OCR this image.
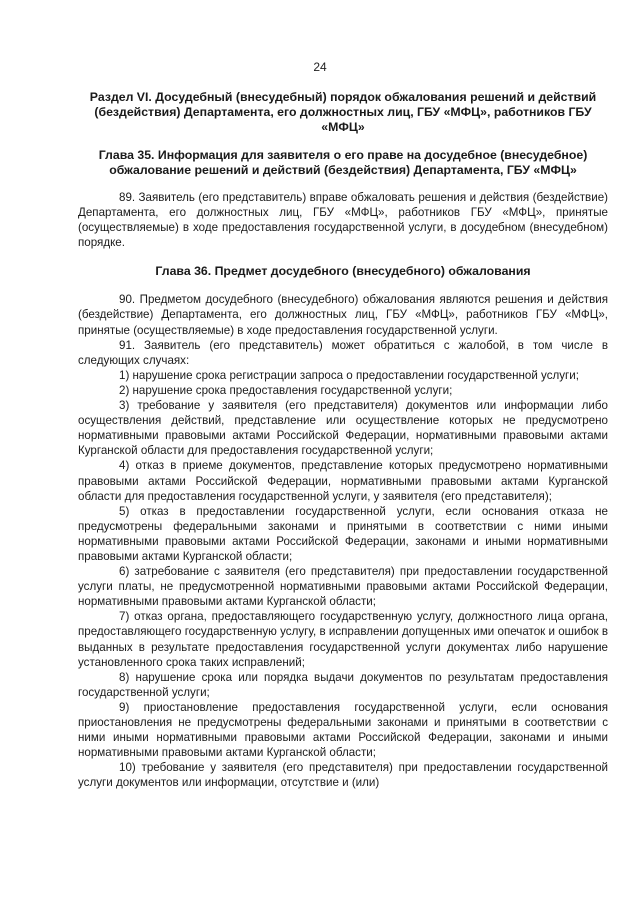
24

Раздел VI. Досудебный (внесудебный) порядок обжалования решений и действий (бездействия) Департамента, его должностных лиц, ГБУ «МФЦ», работников ГБУ «МФЦ»

Глава 35. Информация для заявителя о его праве на досудебное (внесудебное) обжалование решений и действий (бездействия) Департамента, ГБУ «МФЦ»

89. Заявитель (его представитель) вправе обжаловать решения и действия (бездействие) Департамента, его должностных лиц, ГБУ «МФЦ», работников ГБУ «МФЦ», принятые (осуществляемые) в ходе предоставления государственной услуги, в досудебном (внесудебном) порядке.

Глава 36. Предмет досудебного (внесудебного) обжалования

90. Предметом досудебного (внесудебного) обжалования являются решения и действия (бездействие) Департамента, его должностных лиц, ГБУ «МФЦ», работников ГБУ «МФЦ», принятые (осуществляемые) в ходе предоставления государственной услуги.

91. Заявитель (его представитель) может обратиться с жалобой, в том числе в следующих случаях:

1) нарушение срока регистрации запроса о предоставлении государственной услуги;

2) нарушение срока предоставления государственной услуги;

3) требование у заявителя (его представителя) документов или информации либо осуществления действий, представление или осуществление которых не предусмотрено нормативными правовыми актами Российской Федерации, нормативными правовыми актами Курганской области для предоставления государственной услуги;

4) отказ в приеме документов, представление которых предусмотрено нормативными правовыми актами Российской Федерации, нормативными правовыми актами Курганской области для предоставления государственной услуги, у заявителя (его представителя);

5) отказ в предоставлении государственной услуги, если основания отказа не предусмотрены федеральными законами и принятыми в соответствии с ними иными нормативными правовыми актами Российской Федерации, законами и иными нормативными правовыми актами Курганской области;

6) затребование с заявителя (его представителя) при предоставлении государственной услуги платы, не предусмотренной нормативными правовыми актами Российской Федерации, нормативными правовыми актами Курганской области;

7) отказ органа, предоставляющего государственную услугу, должностного лица органа, предоставляющего государственную услугу, в исправлении допущенных ими опечаток и ошибок в выданных в результате предоставления государственной услуги документах либо нарушение установленного срока таких исправлений;

8) нарушение срока или порядка выдачи документов по результатам предоставления государственной услуги;

9) приостановление предоставления государственной услуги, если основания приостановления не предусмотрены федеральными законами и принятыми в соответствии с ними иными нормативными правовыми актами Российской Федерации, законами и иными нормативными правовыми актами Курганской области;

10) требование у заявителя (его представителя) при предоставлении государственной услуги документов или информации, отсутствие и (или)
